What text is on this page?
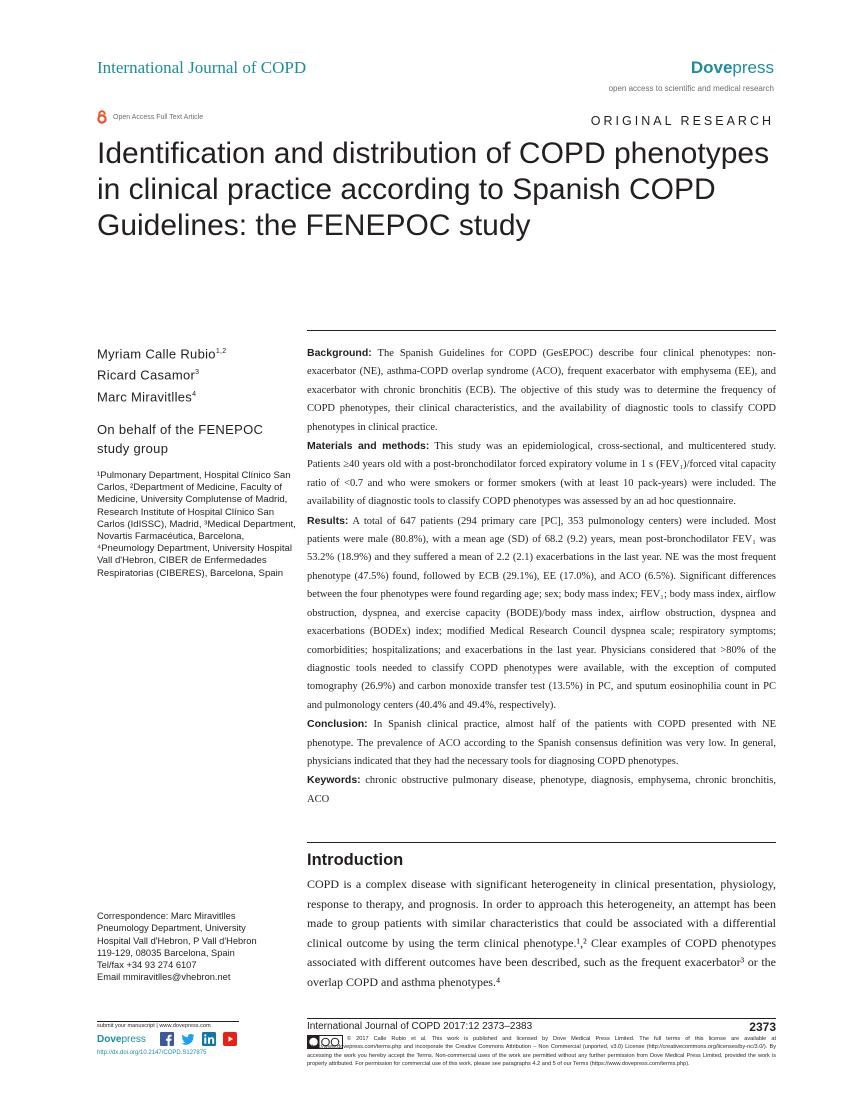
International Journal of COPD	Dovepress
open access to scientific and medical research
Open Access Full Text Article	ORIGINAL RESEARCH
Identification and distribution of COPD phenotypes in clinical practice according to Spanish COPD Guidelines: the FENEPOC study
Myriam Calle Rubio$^{1,2}$
Ricard Casamor$^3$
Marc Miravitlles$^4$
On behalf of the FENEPOC study group
¹Pulmonary Department, Hospital Clínico San Carlos, ²Department of Medicine, Faculty of Medicine, University Complutense of Madrid, Research Institute of Hospital Clínico San Carlos (IdISSC), Madrid, ³Medical Department, Novartis Farmacéutica, Barcelona, ⁴Pneumology Department, University Hospital Vall d'Hebron, CIBER de Enfermedades Respiratorias (CIBERES), Barcelona, Spain
Correspondence: Marc Miravitlles
Pneumology Department, University
Hospital Vall d'Hebron, P Vall d'Hebron
119-129, 08035 Barcelona, Spain
Tel/fax +34 93 274 6107
Email mmiravitlles@vhebron.net

Background: The Spanish Guidelines for COPD (GesEPOC) describe four clinical phenotypes: non-exacerbator (NE), asthma-COPD overlap syndrome (ACO), frequent exacerbator with emphysema (EE), and exacerbator with chronic bronchitis (ECB). The objective of this study was to determine the frequency of COPD phenotypes, their clinical characteristics, and the availability of diagnostic tools to classify COPD phenotypes in clinical practice.

Materials and methods: This study was an epidemiological, cross-sectional, and multicentered study. Patients ≥40 years old with a post-bronchodilator forced expiratory volume in 1 s (FEV₁)/forced vital capacity ratio of <0.7 and who were smokers or former smokers (with at least 10 pack-years) were included. The availability of diagnostic tools to classify COPD phenotypes was assessed by an ad hoc questionnaire.

Results: A total of 647 patients (294 primary care [PC], 353 pulmonology centers) were included. Most patients were male (80.8%), with a mean age (SD) of 68.2 (9.2) years, mean post-bronchodilator FEV₁ was 53.2% (18.9%) and they suffered a mean of 2.2 (2.1) exacerbations in the last year. NE was the most frequent phenotype (47.5%) found, followed by ECB (29.1%), EE (17.0%), and ACO (6.5%). Significant differences between the four phenotypes were found regarding age; sex; body mass index; FEV₁; body mass index, airflow obstruction, dyspnea, and exercise capacity (BODE)/body mass index, airflow obstruction, dyspnea and exacerbations (BODEx) index; modified Medical Research Council dyspnea scale; respiratory symptoms; comorbidities; hospitalizations; and exacerbations in the last year. Physicians considered that >80% of the diagnostic tools needed to classify COPD phenotypes were available, with the exception of computed tomography (26.9%) and carbon monoxide transfer test (13.5%) in PC, and sputum eosinophilia count in PC and pulmonology centers (40.4% and 49.4%, respectively).

Conclusion: In Spanish clinical practice, almost half of the patients with COPD presented with NE phenotype. The prevalence of ACO according to the Spanish consensus definition was very low. In general, physicians indicated that they had the necessary tools for diagnosing COPD phenotypes.

Keywords: chronic obstructive pulmonary disease, phenotype, diagnosis, emphysema, chronic bronchitis, ACO

Introduction
COPD is a complex disease with significant heterogeneity in clinical presentation, physiology, response to therapy, and prognosis. In order to approach this heterogeneity, an attempt has been made to group patients with similar characteristics that could be associated with a differential clinical outcome by using the term clinical phenotype.¹,² Clear examples of COPD phenotypes associated with different outcomes have been described, such as the frequent exacerbator³ or the overlap COPD and asthma phenotypes.⁴
submit your manuscript | www.dovepress.com
Dovepress
http://dx.doi.org/10.2147/COPD.S127875
International Journal of COPD 2017:12 2373–2383	2373
© 2017 Calle Rubio et al. This work is published and licensed by Dove Medical Press Limited. The full terms of this license are available at https://www.dovepress.com/terms.php and incorporate the Creative Commons Attribution – Non Commercial (unported, v3.0) License (http://creativecommons.org/licenses/by-nc/3.0/). By accessing the work you hereby accept the Terms. Non-commercial uses of the work are permitted without any further permission from Dove Medical Press Limited, provided the work is properly attributed. For permission for commercial use of this work, please see paragraphs 4.2 and 5 of our Terms (https://www.dovepress.com/terms.php).
